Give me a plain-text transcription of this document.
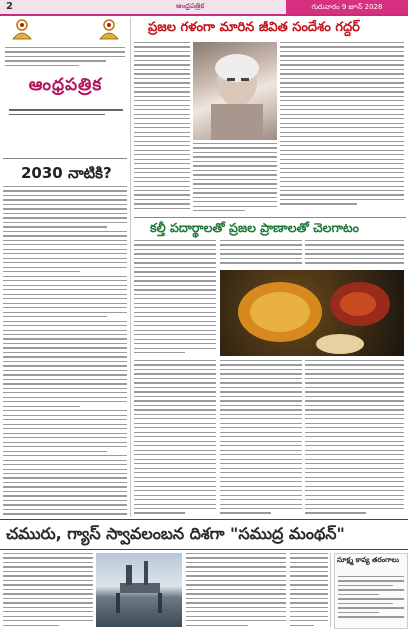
2	ఆంధ్రపత్రిక	గురువారం 9 జూన్ 2028
ఆంధ్రపత్రిక
2030 నాటికి?
ప్రజల గళంగా మారిన జీవిత సందేశం గద్దర్
కల్తీ పదార్థాలతో ప్రజల ప్రాణాలతో చెలగాటం
చమురు, గ్యాస్ స్వావలంబన దిశగా "సముద్ర మంథన్"
సూక్ష్మ కావ్య తరంగాలు
